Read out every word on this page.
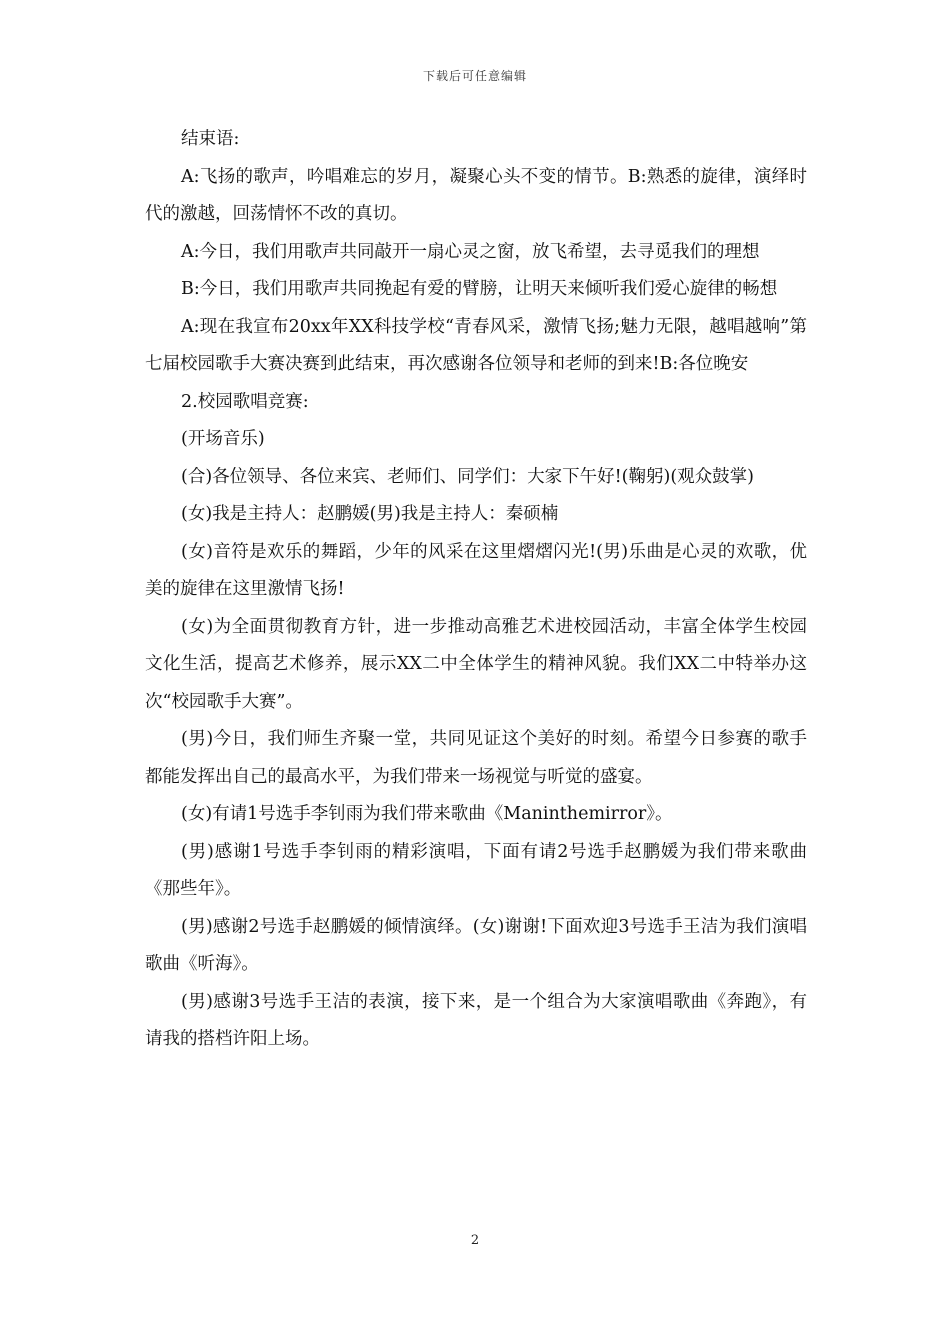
下载后可任意编辑

结束语:

A:飞扬的歌声，吟唱难忘的岁月，凝聚心头不变的情节。B:熟悉的旋律，演绎时代的激越，回荡情怀不改的真切。

A:今日，我们用歌声共同敲开一扇心灵之窗，放飞希望，去寻觅我们的理想

B:今日，我们用歌声共同挽起有爱的臂膀，让明天来倾听我们爱心旋律的畅想

A:现在我宣布20xx年XX科技学校“青春风采，激情飞扬;魅力无限，越唱越响”第七届校园歌手大赛决赛到此结束，再次感谢各位领导和老师的到来!B:各位晚安

2.校园歌唱竞赛:

(开场音乐)

(合)各位领导、各位来宾、老师们、同学们：大家下午好!(鞠躬)(观众鼓掌)

(女)我是主持人：赵鹏媛(男)我是主持人：秦硕楠

(女)音符是欢乐的舞蹈，少年的风采在这里熠熠闪光!(男)乐曲是心灵的欢歌，优美的旋律在这里激情飞扬!

(女)为全面贯彻教育方针，进一步推动高雅艺术进校园活动，丰富全体学生校园文化生活，提高艺术修养，展示XX二中全体学生的精神风貌。我们XX二中特举办这次“校园歌手大赛”。

(男)今日，我们师生齐聚一堂，共同见证这个美好的时刻。希望今日参赛的歌手都能发挥出自己的最高水平，为我们带来一场视觉与听觉的盛宴。

(女)有请1号选手李钊雨为我们带来歌曲《Maninthemirror》。

(男)感谢1号选手李钊雨的精彩演唱，下面有请2号选手赵鹏媛为我们带来歌曲《那些年》。

(男)感谢2号选手赵鹏媛的倾情演绎。(女)谢谢!下面欢迎3号选手王洁为我们演唱歌曲《听海》。

(男)感谢3号选手王洁的表演，接下来，是一个组合为大家演唱歌曲《奔跑》，有请我的搭档许阳上场。

2
